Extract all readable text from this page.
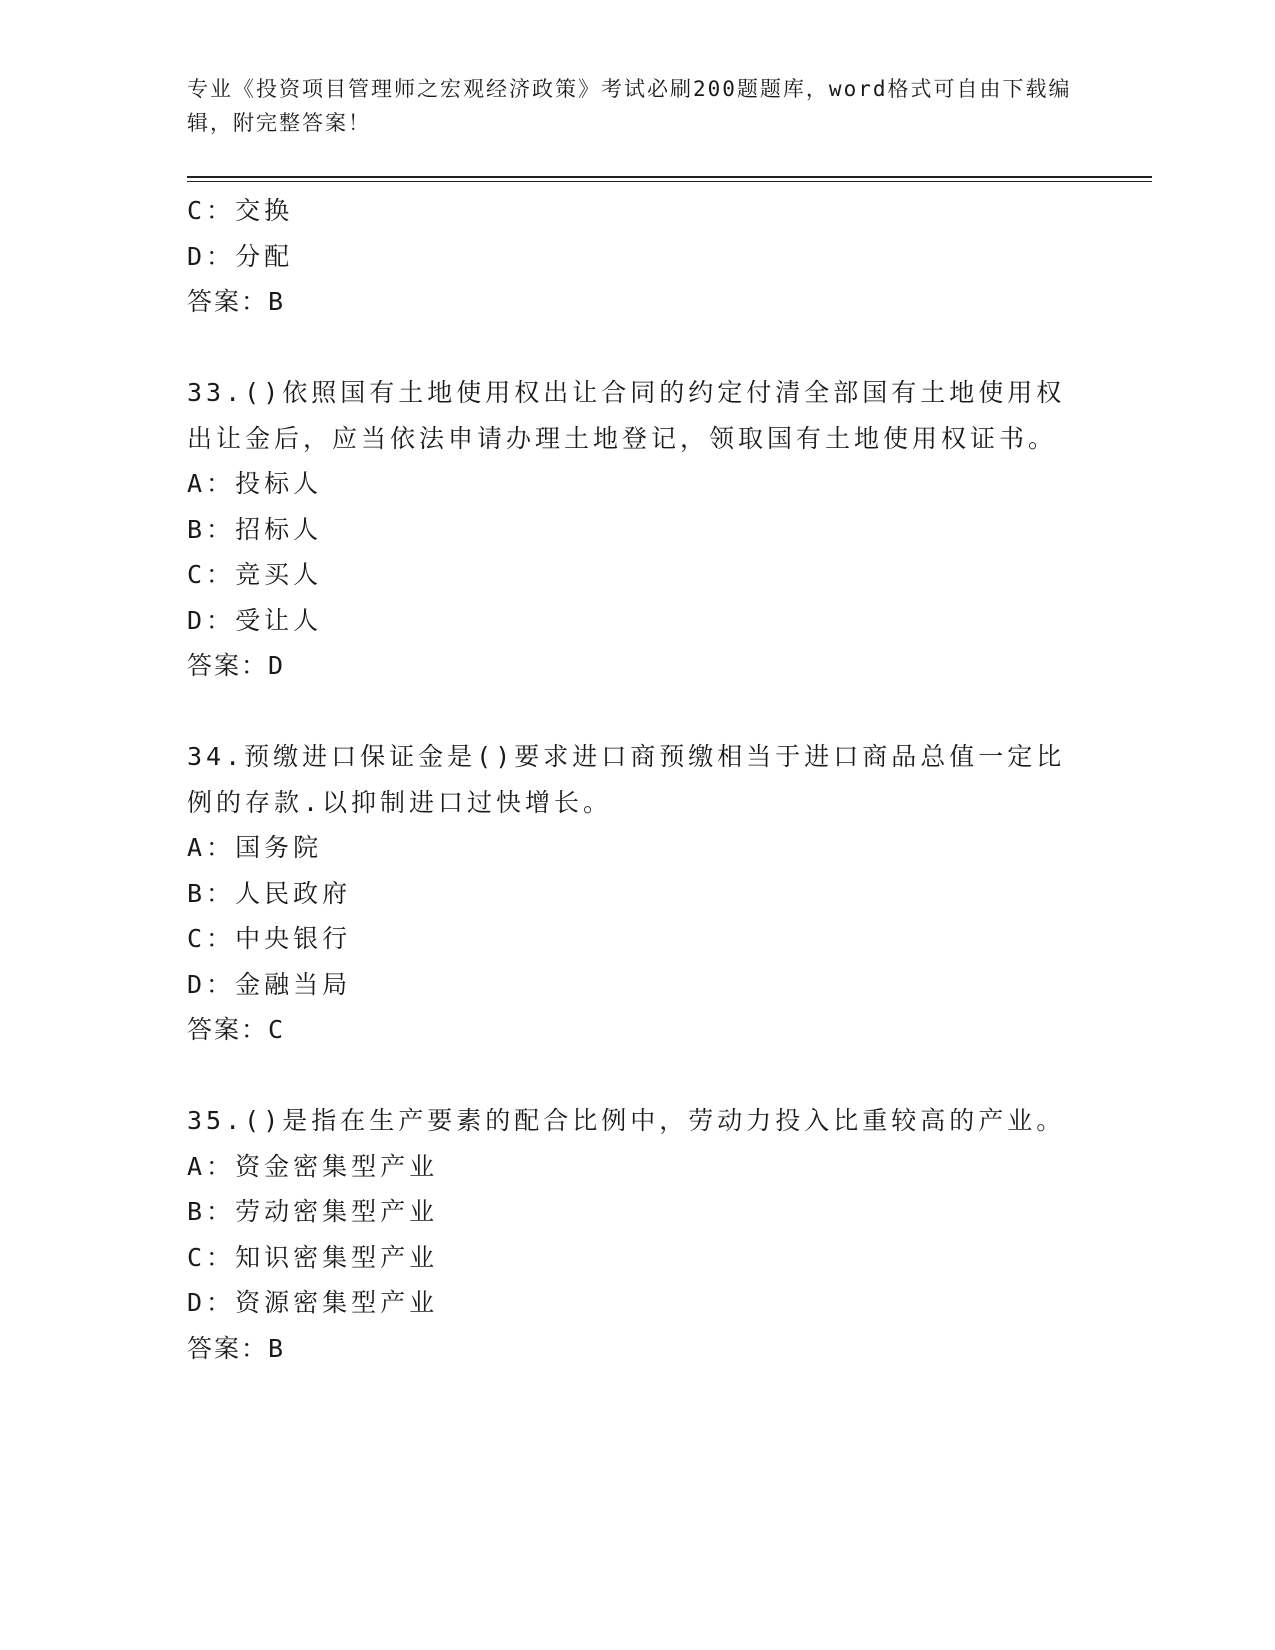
专业《投资项目管理师之宏观经济政策》考试必刷200题题库，word格式可自由下载编辑，附完整答案！
C：交换
D：分配
答案：B
33.()依照国有土地使用权出让合同的约定付清全部国有土地使用权出让金后，应当依法申请办理土地登记，领取国有土地使用权证书。
A：投标人
B：招标人
C：竞买人
D：受让人
答案：D
34.预缴进口保证金是()要求进口商预缴相当于进口商品总值一定比例的存款.以抑制进口过快增长。
A：国务院
B：人民政府
C：中央银行
D：金融当局
答案：C
35.()是指在生产要素的配合比例中，劳动力投入比重较高的产业。
A：资金密集型产业
B：劳动密集型产业
C：知识密集型产业
D：资源密集型产业
答案：B
